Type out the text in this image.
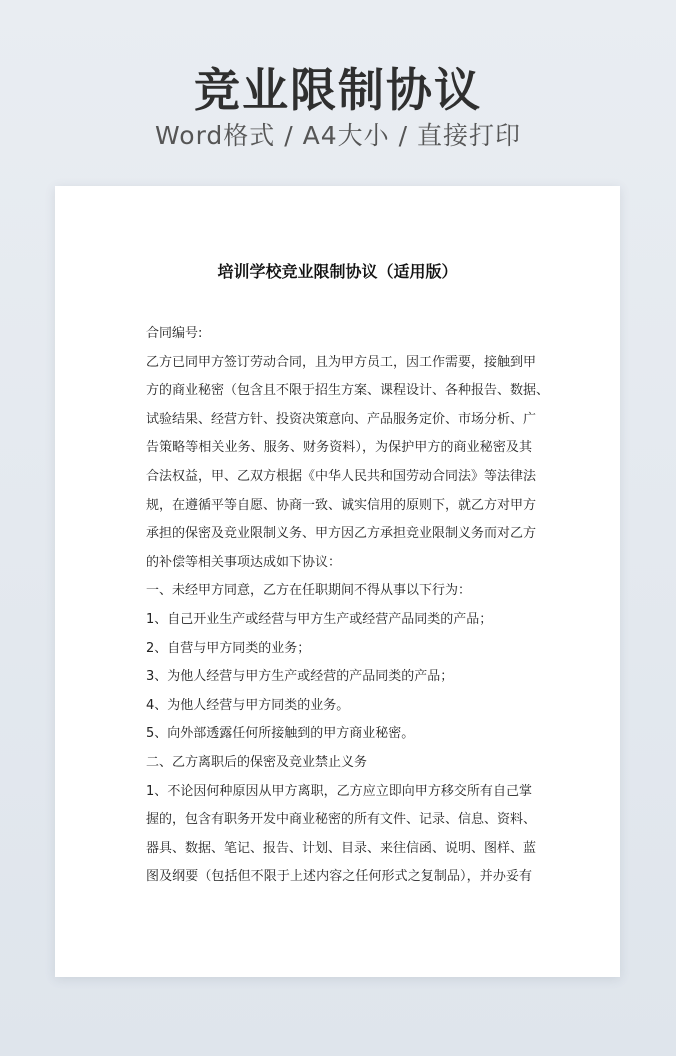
竞业限制协议
Word格式 / A4大小 / 直接打印
培训学校竞业限制协议（适用版）
合同编号:
乙方已同甲方签订劳动合同，且为甲方员工，因工作需要，接触到甲
方的商业秘密（包含且不限于招生方案、课程设计、各种报告、数据、
试验结果、经营方针、投资决策意向、产品服务定价、市场分析、广
告策略等相关业务、服务、财务资料），为保护甲方的商业秘密及其
合法权益，甲、乙双方根据《中华人民共和国劳动合同法》等法律法
规，在遵循平等自愿、协商一致、诚实信用的原则下，就乙方对甲方
承担的保密及竞业限制义务、甲方因乙方承担竞业限制义务而对乙方
的补偿等相关事项达成如下协议：
一、未经甲方同意，乙方在任职期间不得从事以下行为：
1、自己开业生产或经营与甲方生产或经营产品同类的产品；
2、自营与甲方同类的业务；
3、为他人经营与甲方生产或经营的产品同类的产品；
4、为他人经营与甲方同类的业务。
5、向外部透露任何所接触到的甲方商业秘密。
二、乙方离职后的保密及竞业禁止义务
1、不论因何种原因从甲方离职，乙方应立即向甲方移交所有自己掌
握的，包含有职务开发中商业秘密的所有文件、记录、信息、资料、
器具、数据、笔记、报告、计划、目录、来往信函、说明、图样、蓝
图及纲要（包括但不限于上述内容之任何形式之复制品），并办妥有
